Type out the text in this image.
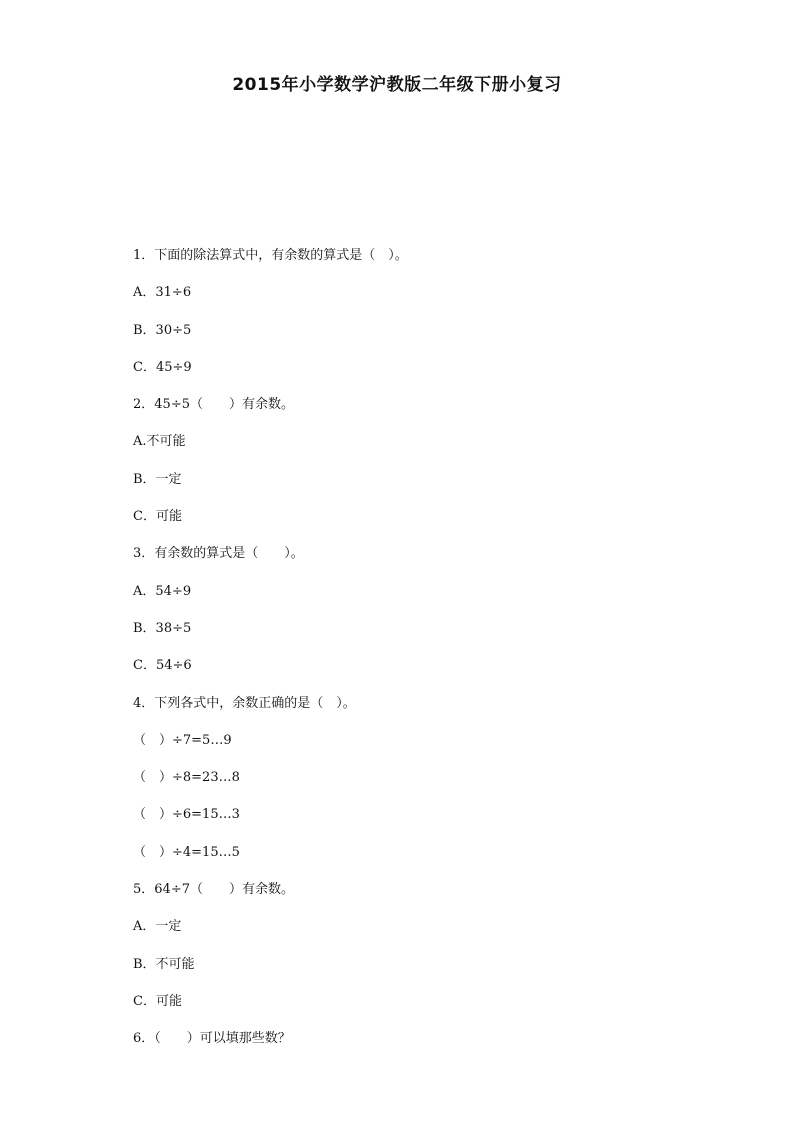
2015年小学数学沪教版二年级下册小复习
1．下面的除法算式中，有余数的算式是（　）。
A．31÷6
B．30÷5
C．45÷9
2．45÷5（　　）有余数。
A.不可能
B．一定
C．可能
3．有余数的算式是（　　）。
A．54÷9
B．38÷5
C．54÷6
4．下列各式中，余数正确的是（　）。
（　）÷7=5…9
（　）÷8=23…8
（　）÷6=15…3
（　）÷4=15…5
5．64÷7（　　）有余数。
A．一定
B．不可能
C．可能
6．（　　）可以填那些数？
